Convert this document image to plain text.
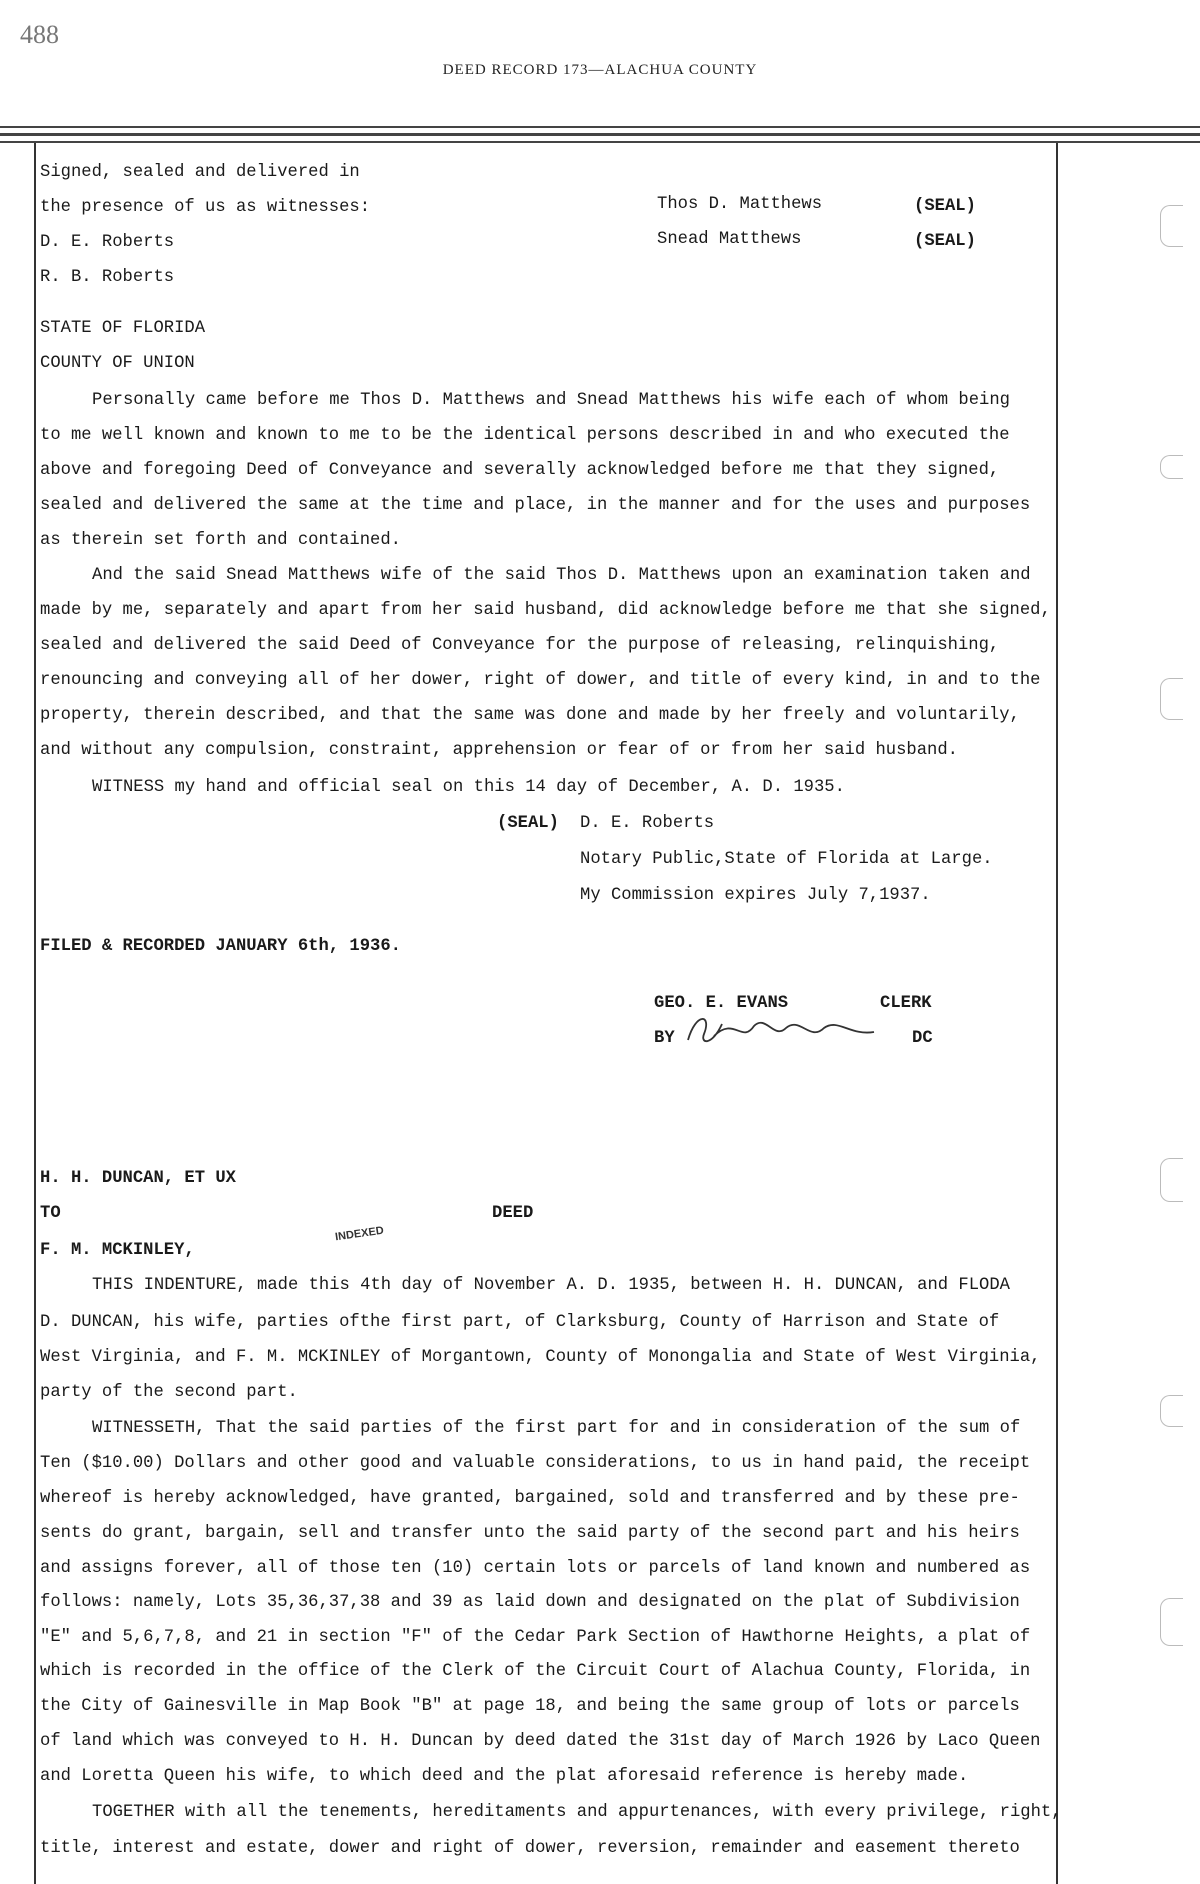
488
DEED RECORD 173—ALACHUA COUNTY
Signed, sealed and delivered in
the presence of us as witnesses:
D. E. Roberts
R. B. Roberts
Thos D. Matthews	(SEAL)
Snead Matthews	(SEAL)
STATE OF FLORIDA
COUNTY OF UNION
Personally came before me Thos D. Matthews and Snead Matthews his wife each of whom being
to me well known and known to me to be the identical persons described in and who executed the
above and foregoing Deed of Conveyance and severally acknowledged before me that they signed,
sealed and delivered the same at the time and place, in the manner and for the uses and purposes
as therein set forth and contained.
And the said Snead Matthews wife of the said Thos D. Matthews upon an examination taken and
made by me, separately and apart from her said husband, did acknowledge before me that she signed,
sealed and delivered the said Deed of Conveyance for the purpose of releasing, relinquishing,
renouncing and conveying all of her dower, right of dower, and title of every kind, in and to the
property, therein described, and that the same was done and made by her freely and voluntarily,
and without any compulsion, constraint, apprehension or fear of or from her said husband.
WITNESS my hand and official seal on this 14 day of December, A. D. 1935.
(SEAL) D. E. Roberts
Notary Public,State of Florida at Large.
My Commission expires July 7,1937.
FILED & RECORDED JANUARY 6th, 1936.
GEO. E. EVANS	CLERK
BY	DC
H. H. DUNCAN, ET UX
TO	DEED
INDEXED
F. M. MCKINLEY,
THIS INDENTURE, made this 4th day of November A. D. 1935, between H. H. DUNCAN, and FLODA
D. DUNCAN, his wife, parties ofthe first part, of Clarksburg, County of Harrison and State of
West Virginia, and F. M. MCKINLEY of Morgantown, County of Monongalia and State of West Virginia,
party of the second part.
WITNESSETH, That the said parties of the first part for and in consideration of the sum of
Ten ($10.00) Dollars and other good and valuable considerations, to us in hand paid, the receipt
whereof is hereby acknowledged, have granted, bargained, sold and transferred and by these pre-
sents do grant, bargain, sell and transfer unto the said party of the second part and his heirs
and assigns forever, all of those ten (10) certain lots or parcels of land known and numbered as
follows: namely, Lots 35,36,37,38 and 39 as laid down and designated on the plat of Subdivision
"E" and 5,6,7,8, and 21 in section "F" of the Cedar Park Section of Hawthorne Heights, a plat of
which is recorded in the office of the Clerk of the Circuit Court of Alachua County, Florida, in
the City of Gainesville in Map Book "B" at page 18, and being the same group of lots or parcels
of land which was conveyed to H. H. Duncan by deed dated the 31st day of March 1926 by Laco Queen
and Loretta Queen his wife, to which deed and the plat aforesaid reference is hereby made.
TOGETHER with all the tenements, hereditaments and appurtenances, with every privilege, right,
title, interest and estate, dower and right of dower, reversion, remainder and easement thereto
